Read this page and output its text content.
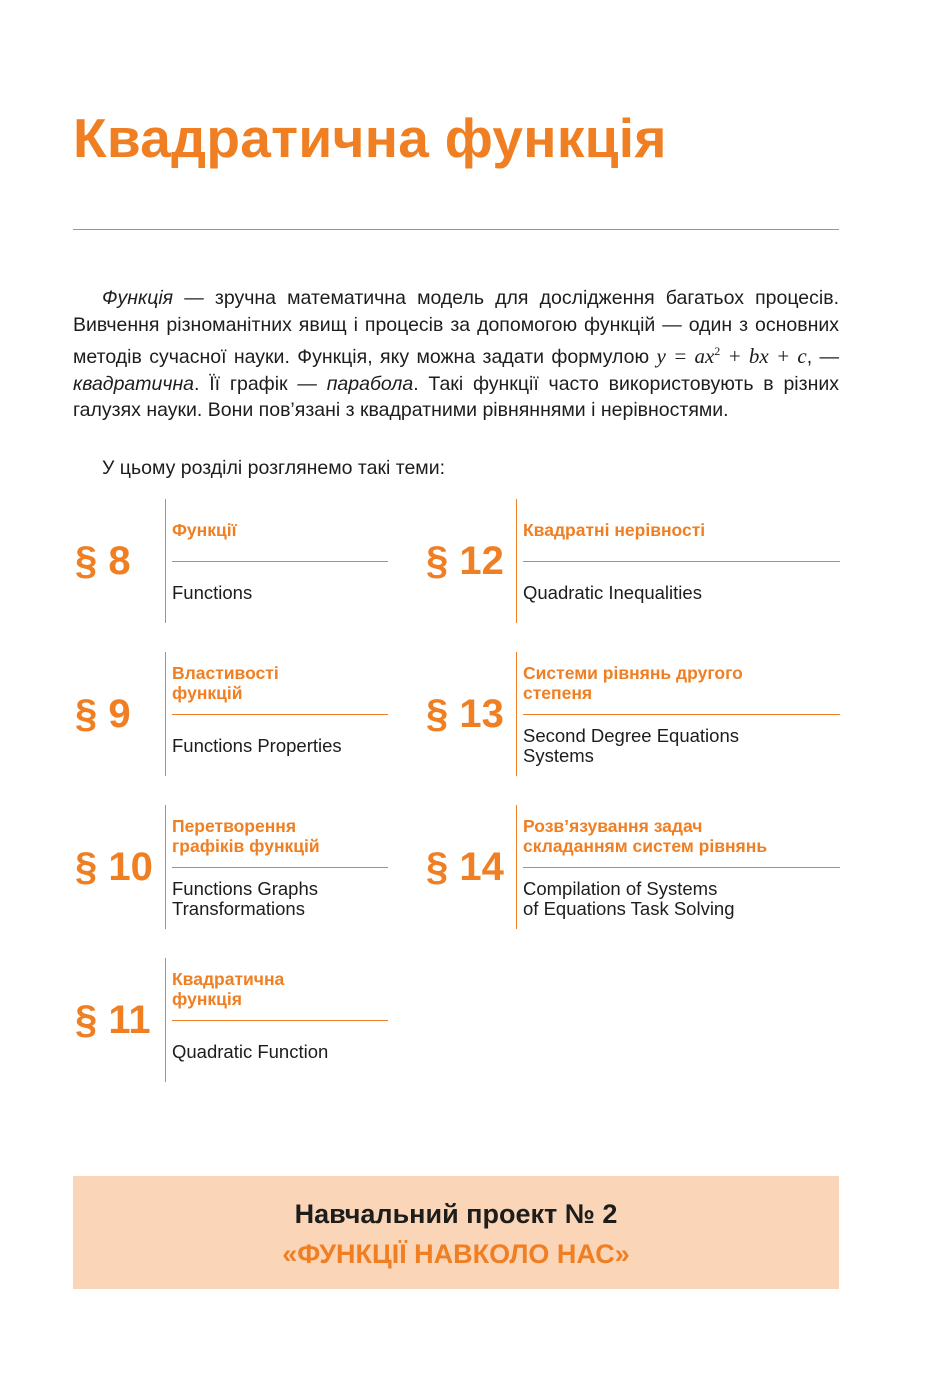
Квадратична функція

Функція — зручна математична модель для дослідження багатьох процесів. Вивчення різноманітних явищ і процесів за допомогою функцій — один з основних методів сучасної науки. Функція, яку можна задати формулою $y = ax^2$ + bx + c, — квадратична. Її графік — парабола. Такі функції часто використовують в різних галузях науки. Вони пов’язані з квадратними рівняннями і нерівностями.

У цьому розділі розглянемо такі теми:

§ 8
Функції
Functions
§ 9
Властивості
функцій
Functions Properties
§ 10
Перетворення
графіків функцій
Functions Graphs
Transformations
§ 11
Квадратична
функція
Quadratic Function
§ 12
Квадратні нерівності
Quadratic Inequalities
§ 13
Системи рівнянь другого
степеня
Second Degree Equations
Systems
§ 14
Розв’язування задач
складанням систем рівнянь
Compilation of Systems
of Equations Task Solving
Навчальний проект № 2
«ФУНКЦІЇ НАВКОЛО НАС»
